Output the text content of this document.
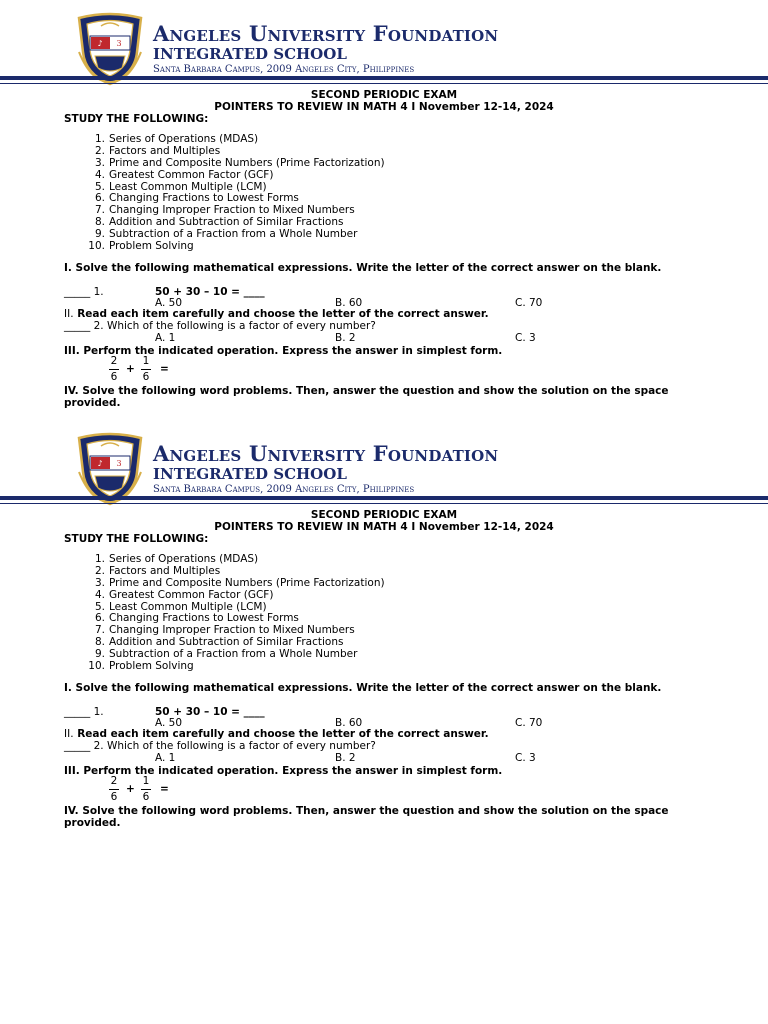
♪ 3 Angeles University Foundation

INTEGRATED SCHOOL

Santa Barbara Campus, 2009 Angeles City, Philippines

SECOND PERIODIC EXAM

POINTERS TO REVIEW IN MATH 4 I November 12-14, 2024

STUDY THE FOLLOWING:

1. Series of Operations (MDAS)
2. Factors and Multiples
3. Prime and Composite Numbers (Prime Factorization)
4. Greatest Common Factor (GCF)
5. Least Common Multiple (LCM)
6. Changing Fractions to Lowest Forms
7. Changing Improper Fraction to Mixed Numbers
8. Addition and Subtraction of Similar Fractions
9. Subtraction of a Fraction from a Whole Number
10. Problem Solving

I. Solve the following mathematical expressions. Write the letter of the correct answer on the blank.

_____ 1.	50 + 30 – 10 = ____
A. 50	B. 60	C. 70

II. Read each item carefully and choose the letter of the correct answer.

_____ 2. Which of the following is a factor of every number?
A. 1	B. 2	C. 3

III. Perform the indicated operation. Express the answer in simplest form.

2
6
+
1
6
=

IV. Solve the following word problems. Then, answer the question and show the solution on the space provided.

♪ 3 Angeles University Foundation

INTEGRATED SCHOOL

Santa Barbara Campus, 2009 Angeles City, Philippines

SECOND PERIODIC EXAM

POINTERS TO REVIEW IN MATH 4 I November 12-14, 2024

STUDY THE FOLLOWING:

1. Series of Operations (MDAS)
2. Factors and Multiples
3. Prime and Composite Numbers (Prime Factorization)
4. Greatest Common Factor (GCF)
5. Least Common Multiple (LCM)
6. Changing Fractions to Lowest Forms
7. Changing Improper Fraction to Mixed Numbers
8. Addition and Subtraction of Similar Fractions
9. Subtraction of a Fraction from a Whole Number
10. Problem Solving

I. Solve the following mathematical expressions. Write the letter of the correct answer on the blank.

_____ 1.	50 + 30 – 10 = ____
A. 50	B. 60	C. 70

II. Read each item carefully and choose the letter of the correct answer.

_____ 2. Which of the following is a factor of every number?
A. 1	B. 2	C. 3

III. Perform the indicated operation. Express the answer in simplest form.

2
6
+
1
6
=

IV. Solve the following word problems. Then, answer the question and show the solution on the space provided.
